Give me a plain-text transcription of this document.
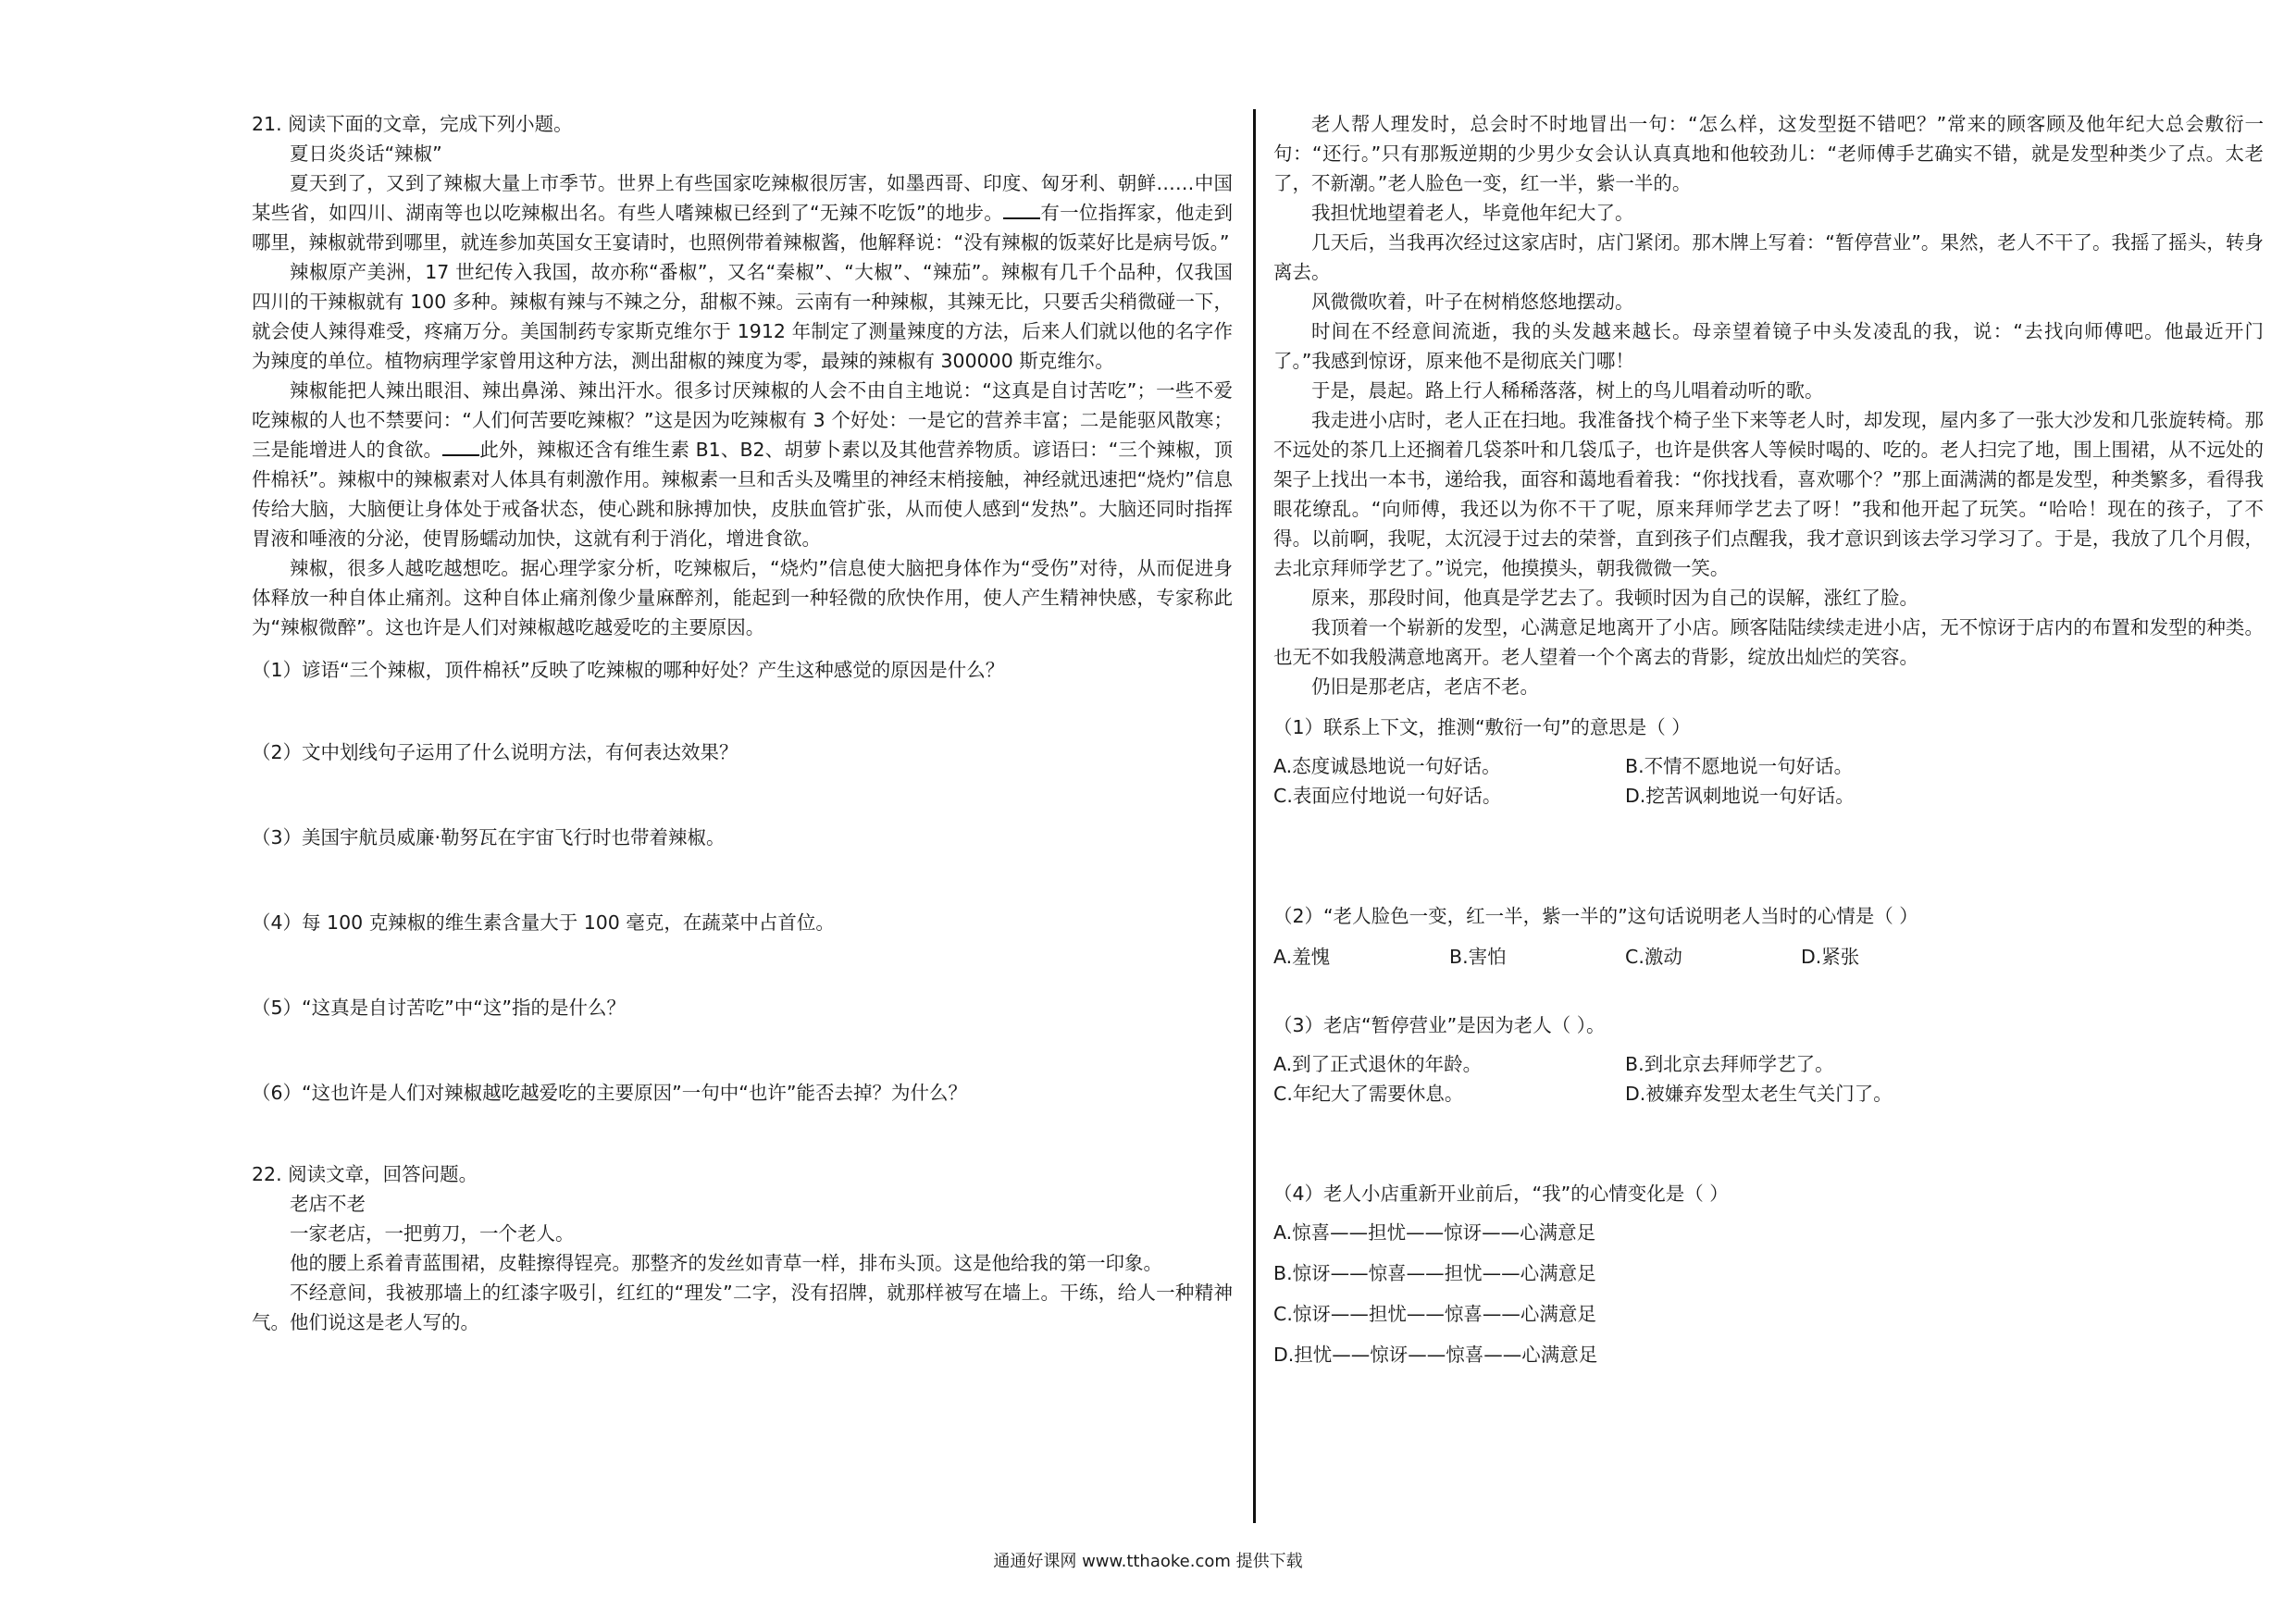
21. 阅读下面的文章，完成下列小题。

夏日炎炎话“辣椒”

夏天到了，又到了辣椒大量上市季节。世界上有些国家吃辣椒很厉害，如墨西哥、印度、匈牙利、朝鲜……中国某些省，如四川、湖南等也以吃辣椒出名。有些人嗜辣椒已经到了“无辣不吃饭”的地步。 有一位指挥家，他走到哪里，辣椒就带到哪里，就连参加英国女王宴请时，也照例带着辣椒酱，他解释说：“没有辣椒的饭菜好比是病号饭。”

辣椒原产美洲，17 世纪传入我国，故亦称“番椒”，又名“秦椒”、“大椒”、“辣茄”。辣椒有几千个品种，仅我国四川的干辣椒就有 100 多种。辣椒有辣与不辣之分，甜椒不辣。云南有一种辣椒，其辣无比，只要舌尖稍微碰一下，就会使人辣得难受，疼痛万分。美国制药专家斯克维尔于 1912 年制定了测量辣度的方法，后来人们就以他的名字作为辣度的单位。植物病理学家曾用这种方法，测出甜椒的辣度为零，最辣的辣椒有 300000 斯克维尔。

辣椒能把人辣出眼泪、辣出鼻涕、辣出汗水。很多讨厌辣椒的人会不由自主地说：“这真是自讨苦吃”；一些不爱吃辣椒的人也不禁要问：“人们何苦要吃辣椒？”这是因为吃辣椒有 3 个好处：一是它的营养丰富；二是能驱风散寒；三是能增进人的食欲。 此外，辣椒还含有维生素 B1、B2、胡萝卜素以及其他营养物质。谚语曰：“三个辣椒，顶件棉袄”。辣椒中的辣椒素对人体具有刺激作用。辣椒素一旦和舌头及嘴里的神经末梢接触，神经就迅速把“烧灼”信息传给大脑，大脑便让身体处于戒备状态，使心跳和脉搏加快，皮肤血管扩张，从而使人感到“发热”。大脑还同时指挥胃液和唾液的分泌，使胃肠蠕动加快，这就有利于消化，增进食欲。

辣椒，很多人越吃越想吃。据心理学家分析，吃辣椒后，“烧灼”信息使大脑把身体作为“受伤”对待，从而促进身体释放一种自体止痛剂。这种自体止痛剂像少量麻醉剂，能起到一种轻微的欣快作用，使人产生精神快感，专家称此为“辣椒微醉”。这也许是人们对辣椒越吃越爱吃的主要原因。

（1）谚语“三个辣椒，顶件棉袄”反映了吃辣椒的哪种好处？产生这种感觉的原因是什么？

（2）文中划线句子运用了什么说明方法，有何表达效果？

（3）美国宇航员威廉·勒努瓦在宇宙飞行时也带着辣椒。

（4）每 100 克辣椒的维生素含量大于 100 毫克，在蔬菜中占首位。

（5）“这真是自讨苦吃”中“这”指的是什么？

（6）“这也许是人们对辣椒越吃越爱吃的主要原因”一句中“也许”能否去掉？为什么？

22. 阅读文章，回答问题。

老店不老

一家老店，一把剪刀，一个老人。

他的腰上系着青蓝围裙，皮鞋擦得锃亮。那整齐的发丝如青草一样，排布头顶。这是他给我的第一印象。

不经意间，我被那墙上的红漆字吸引，红红的“理发”二字，没有招牌，就那样被写在墙上。干练，给人一种精神气。他们说这是老人写的。

老人帮人理发时，总会时不时地冒出一句：“怎么样，这发型挺不错吧？”常来的顾客顾及他年纪大总会敷衍一句：“还行。”只有那叛逆期的少男少女会认认真真地和他较劲儿：“老师傅手艺确实不错，就是发型种类少了点。太老了，不新潮。”老人脸色一变，红一半，紫一半的。

我担忧地望着老人，毕竟他年纪大了。

几天后，当我再次经过这家店时，店门紧闭。那木牌上写着：“暂停营业”。果然，老人不干了。我摇了摇头，转身离去。

风微微吹着，叶子在树梢悠悠地摆动。

时间在不经意间流逝，我的头发越来越长。母亲望着镜子中头发凌乱的我，说：“去找向师傅吧。他最近开门了。”我感到惊讶，原来他不是彻底关门哪！

于是，晨起。路上行人稀稀落落，树上的鸟儿唱着动听的歌。

我走进小店时，老人正在扫地。我准备找个椅子坐下来等老人时，却发现，屋内多了一张大沙发和几张旋转椅。那不远处的茶几上还搁着几袋茶叶和几袋瓜子，也许是供客人等候时喝的、吃的。老人扫完了地，围上围裙，从不远处的架子上找出一本书，递给我，面容和蔼地看着我：“你找找看，喜欢哪个？”那上面满满的都是发型，种类繁多，看得我眼花缭乱。“向师傅，我还以为你不干了呢，原来拜师学艺去了呀！”我和他开起了玩笑。“哈哈！现在的孩子，了不得。以前啊，我呢，太沉浸于过去的荣誉，直到孩子们点醒我，我才意识到该去学习学习了。于是，我放了几个月假，去北京拜师学艺了。”说完，他摸摸头，朝我微微一笑。

原来，那段时间，他真是学艺去了。我顿时因为自己的误解，涨红了脸。

我顶着一个崭新的发型，心满意足地离开了小店。顾客陆陆续续走进小店，无不惊讶于店内的布置和发型的种类。也无不如我般满意地离开。老人望着一个个离去的背影，绽放出灿烂的笑容。

仍旧是那老店，老店不老。

（1）联系上下文，推测“敷衍一句”的意思是（ ）

A.态度诚恳地说一句好话。	B.不情不愿地说一句好话。
C.表面应付地说一句好话。	D.挖苦讽刺地说一句好话。

（2）“老人脸色一变，红一半，紫一半的”这句话说明老人当时的心情是（ ）

A.羞愧	B.害怕	C.激动	D.紧张

（3）老店“暂停营业”是因为老人（ ）。

A.到了正式退休的年龄。	B.到北京去拜师学艺了。
C.年纪大了需要休息。	D.被嫌弃发型太老生气关门了。

（4）老人小店重新开业前后，“我”的心情变化是（ ）

A.惊喜——担忧——惊讶——心满意足
B.惊讶——惊喜——担忧——心满意足
C.惊讶——担忧——惊喜——心满意足
D.担忧——惊讶——惊喜——心满意足
通通好课网 www.tthaoke.com 提供下载
